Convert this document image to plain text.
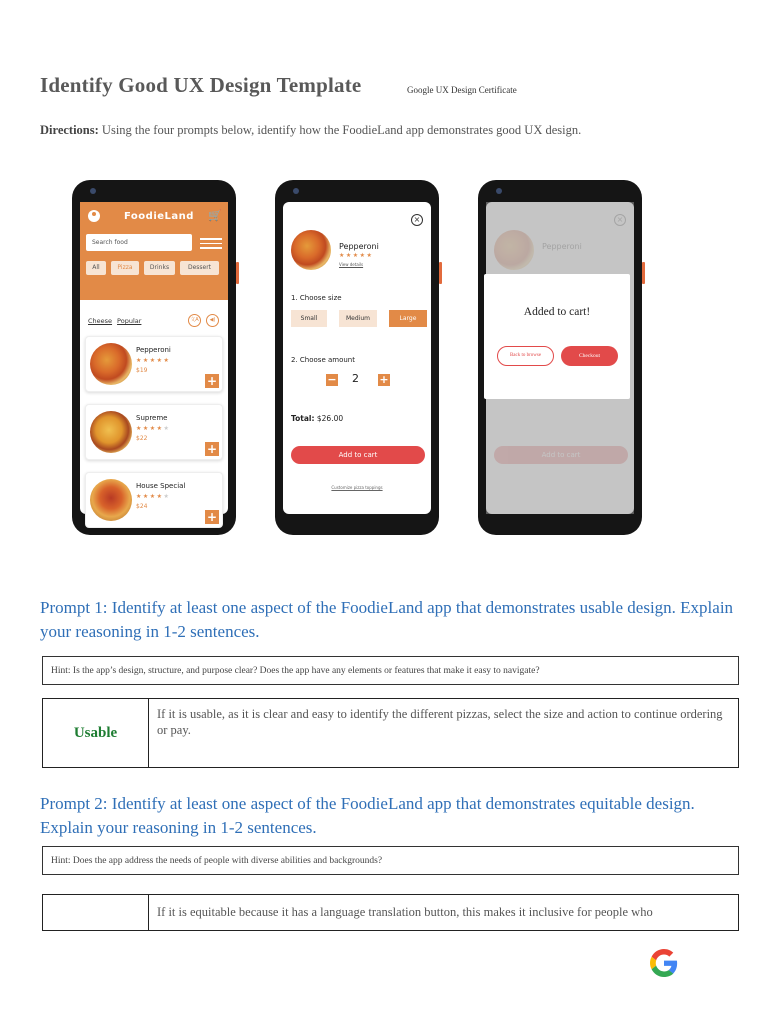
Identify Good UX Design Template	Google UX Design Certificate
Directions: Using the four prompts below, identify how the FoodieLand app demonstrates good UX design.
FoodieLand 🛒
Search food
All	Pizza	Drinks	Dessert
Cheese Popular	文A	◀)
Pepperoni
★★★★★
$19
+
Supreme
★★★★★
$22
+
House Special
★★★★★
$24
+
×
Pepperoni
★★★★★
View details
1. Choose size
Small	Medium	Large
2. Choose amount
− 2 +
Total: $26.00
Add to cart
Customize pizza toppings
Added to cart!
Back to browse	Checkout
Prompt 1: Identify at least one aspect of the FoodieLand app that demonstrates usable design. Explain your reasoning in 1-2 sentences.
Hint: Is the app’s design, structure, and purpose clear? Does the app have any elements or features that make it easy to navigate?
Usable
If it is usable, as it is clear and easy to identify the different pizzas, select the size and action to continue ordering or pay.
Prompt 2: Identify at least one aspect of the FoodieLand app that demonstrates equitable design. Explain your reasoning in 1-2 sentences.
Hint: Does the app address the needs of people with diverse abilities and backgrounds?
If it is equitable because it has a language translation button, this makes it inclusive for people who
